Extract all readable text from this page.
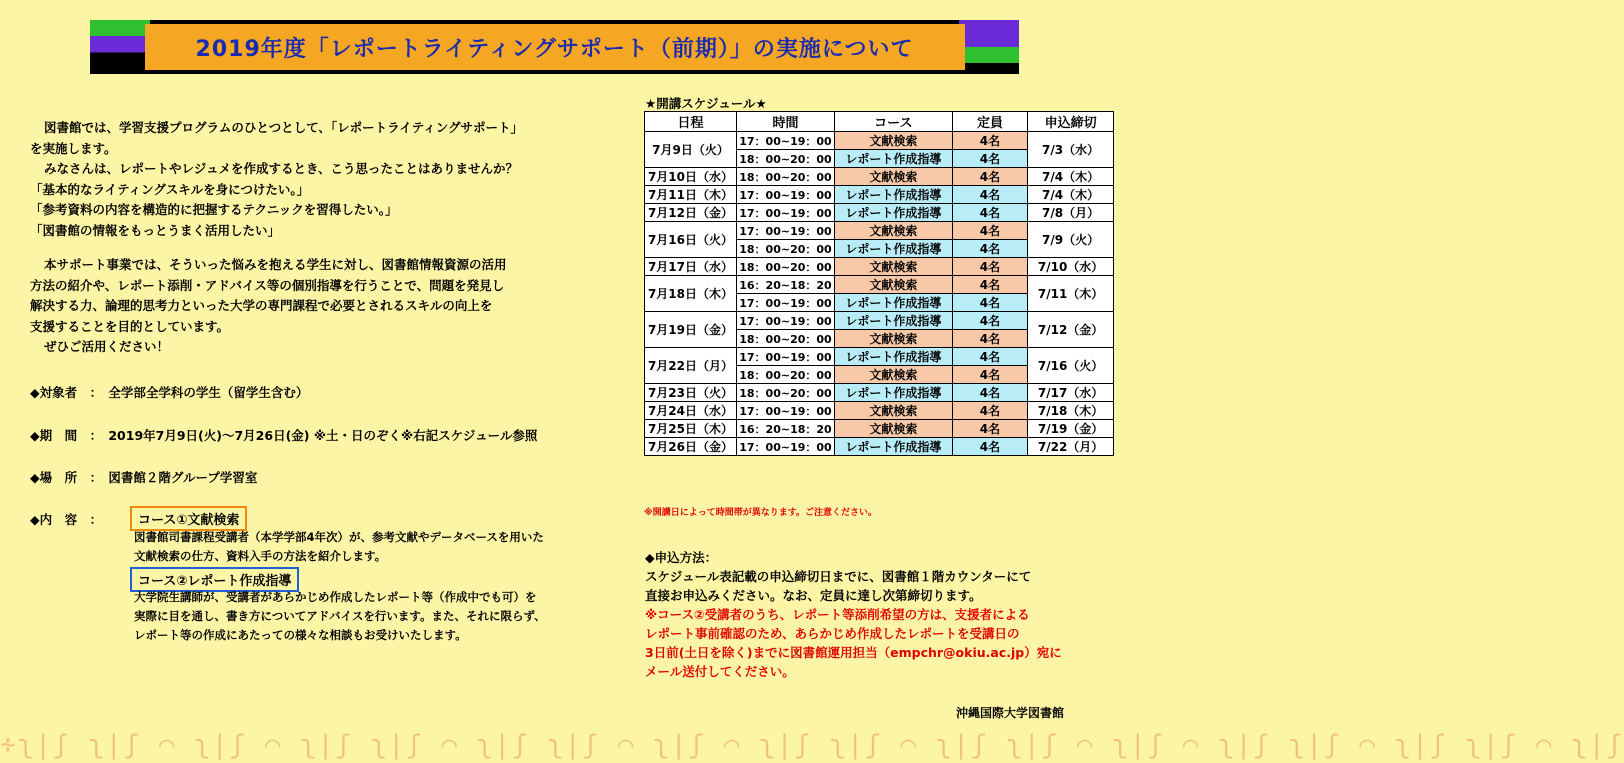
2019年度「レポートライティングサポート（前期）」の実施について

図書館では、学習支援プログラムのひとつとして、「レポートライティングサポート」

を実施します。

みなさんは、レポートやレジュメを作成するとき、こう思ったことはありませんか？

「基本的なライティングスキルを身につけたい。」

「参考資料の内容を構造的に把握するテクニックを習得したい。」

「図書館の情報をもっとうまく活用したい」

本サポート事業では、そういった悩みを抱える学生に対し、図書館情報資源の活用

方法の紹介や、レポート添削・アドバイス等の個別指導を行うことで、問題を発見し

解決する力、論理的思考力といった大学の専門課程で必要とされるスキルの向上を

支援することを目的としています。

ぜひご活用ください！

◆対象者　：　全学部全学科の学生（留学生含む）
◆期　間　：　2019年7月9日(火)～7月26日(金) ※土・日のぞく※右記スケジュール参照
◆場　所　：　図書館２階グループ学習室
◆内　容　：	コース①文献検索
図書館司書課程受講者（本学学部4年次）が、参考文献やデータベースを用いた
文献検索の仕方、資料入手の方法を紹介します。
コース②レポート作成指導
大学院生講師が、受講者があらかじめ作成したレポート等（作成中でも可）を
実際に目を通し、書き方についてアドバイスを行います。また、それに限らず、
レポート等の作成にあたっての様々な相談もお受けいたします。
★開講スケジュール★
日程	時間	コース	定員	申込締切
7月9日（火）	17：00~19：00	文献検索	4名	7/3（水）
	18：00~20：00	レポート作成指導	4名	
7月10日（水）	18：00~20：00	文献検索	4名	7/4（木）
7月11日（木）	17：00~19：00	レポート作成指導	4名	7/4（木）
7月12日（金）	17：00~19：00	レポート作成指導	4名	7/8（月）
7月16日（火）	17：00~19：00	文献検索	4名	7/9（火）
	18：00~20：00	レポート作成指導	4名	
7月17日（水）	18：00~20：00	文献検索	4名	7/10（水）
7月18日（木）	16：20~18：20	文献検索	4名	7/11（木）
	17：00~19：00	レポート作成指導	4名	
7月19日（金）	17：00~19：00	レポート作成指導	4名	7/12（金）
	18：00~20：00	文献検索	4名	
7月22日（月）	17：00~19：00	レポート作成指導	4名	7/16（火）
	18：00~20：00	文献検索	4名	
7月23日（火）	18：00~20：00	レポート作成指導	4名	7/17（水）
7月24日（水）	17：00~19：00	文献検索	4名	7/18（木）
7月25日（木）	16：20~18：20	文献検索	4名	7/19（金）
7月26日（金）	17：00~19：00	レポート作成指導	4名	7/22（月）
※開講日によって時間帯が異なります。ご注意ください。
◆申込方法：
スケジュール表記載の申込締切日までに、図書館１階カウンターにて
直接お申込みください。なお、定員に達し次第締切ります。
※コース②受講者のうち、レポート等添削希望の方は、支援者による
レポート事前確認のため、あらかじめ作成したレポートを受講日の
3日前(土日を除く)までに図書館運用担当（empchr@okiu.ac.jp）宛に
メール送付してください。
沖縄国際大学図書館
∻ʅ|ʃ ʅ|ʃ ⌒ ʅ|ʃ ⌒ ʅ|ʃ ʅ|ʃ ⌒ ʅ|ʃ ʅ|ʃ ⌒ ʅ|ʃ ⌒ ʅ|ʃ ʅ|ʃ ⌒ ʅ|ʃ ʅ|ʃ ⌒ ʅ|ʃ ⌒ ʅ|ʃ ʅ|ʃ ⌒ ʅ|ʃ ʅ|ʃ ⌒ ʅ|ʃ
